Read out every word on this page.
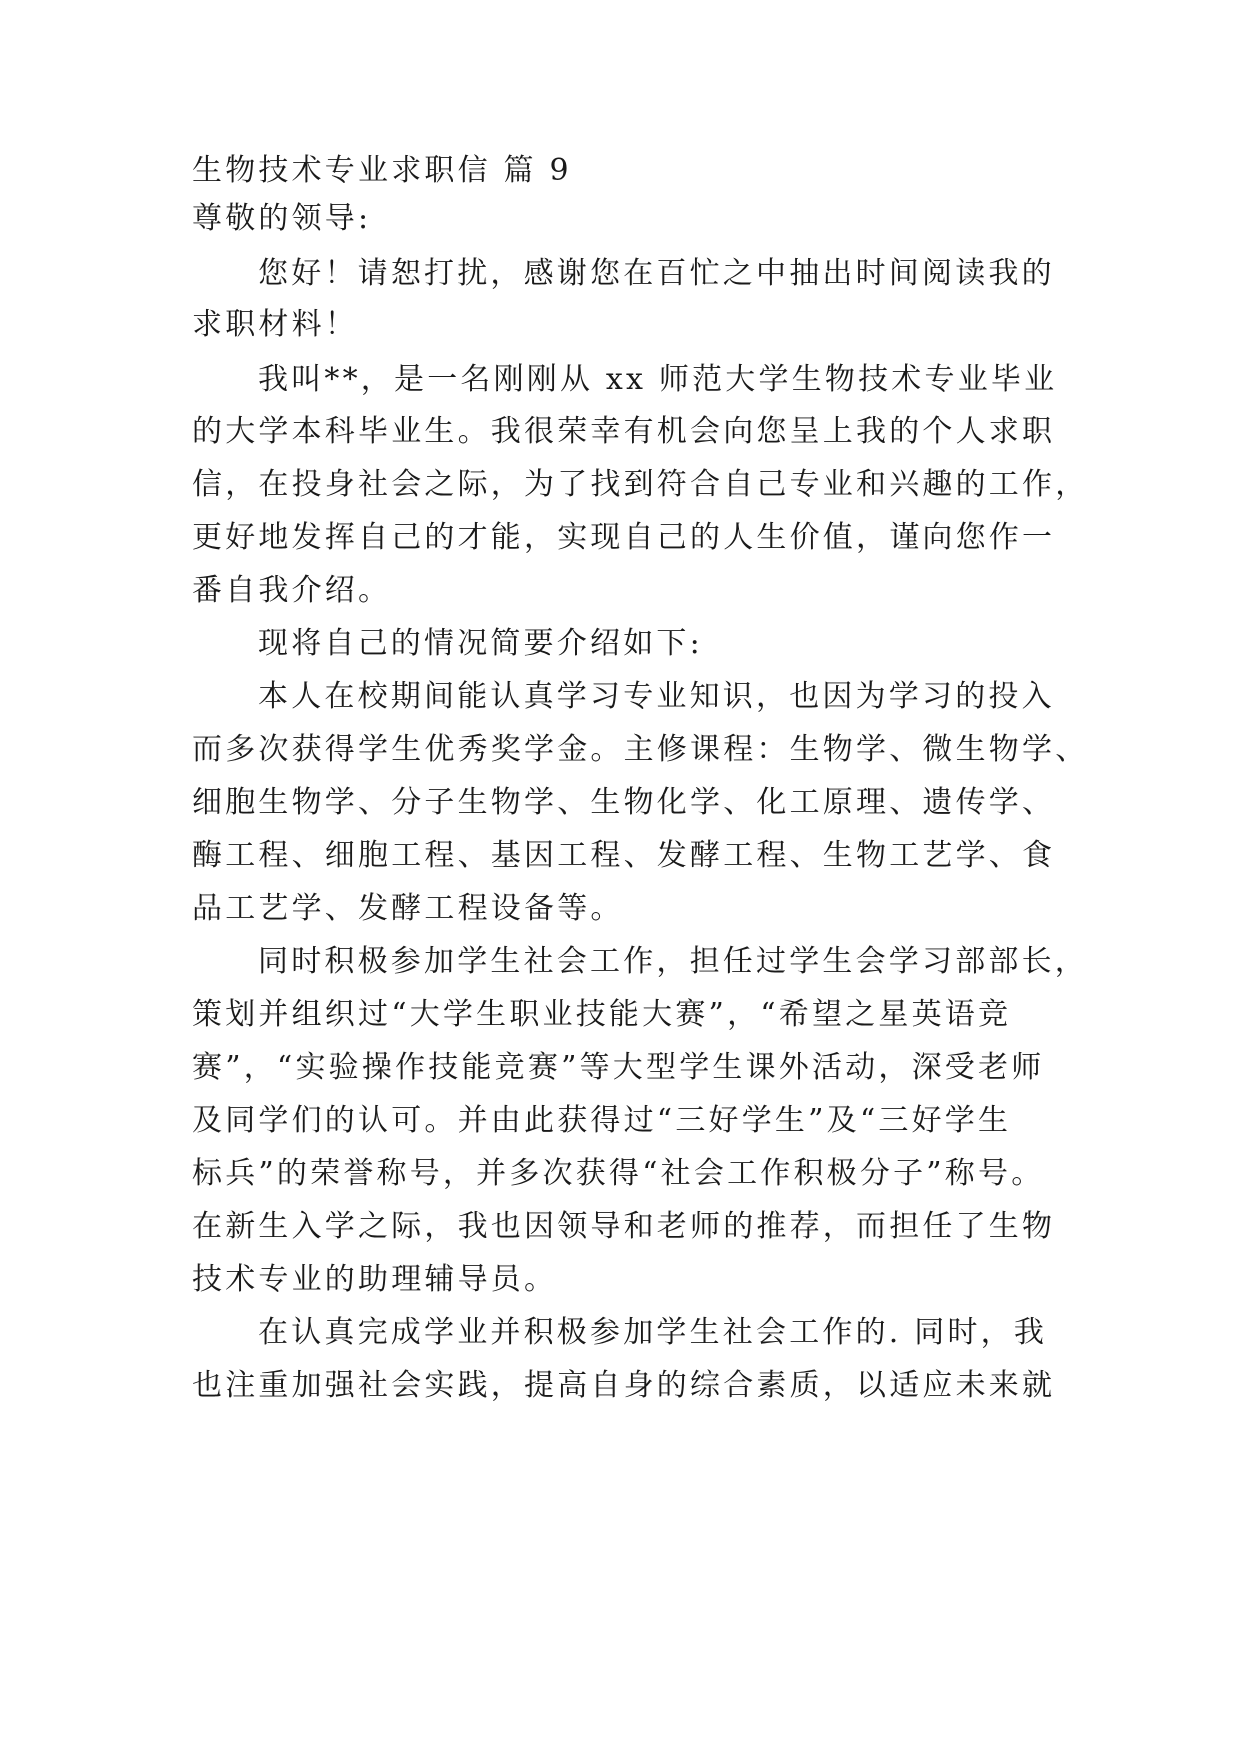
生物技术专业求职信 篇 9

尊敬的领导:

您好！请恕打扰，感谢您在百忙之中抽出时间阅读我的

求职材料！

我叫**，是一名刚刚从 xx 师范大学生物技术专业毕业

的大学本科毕业生。我很荣幸有机会向您呈上我的个人求职

信，在投身社会之际，为了找到符合自己专业和兴趣的工作，

更好地发挥自己的才能，实现自己的人生价值，谨向您作一

番自我介绍。

现将自己的情况简要介绍如下:

本人在校期间能认真学习专业知识，也因为学习的投入

而多次获得学生优秀奖学金。主修课程：生物学、微生物学、

细胞生物学、分子生物学、生物化学、化工原理、遗传学、

酶工程、细胞工程、基因工程、发酵工程、生物工艺学、食

品工艺学、发酵工程设备等。

同时积极参加学生社会工作，担任过学生会学习部部长，

策划并组织过“大学生职业技能大赛”，“希望之星英语竞

赛”，“实验操作技能竞赛”等大型学生课外活动，深受老师

及同学们的认可。并由此获得过“三好学生”及“三好学生

标兵”的荣誉称号，并多次获得“社会工作积极分子”称号。

在新生入学之际，我也因领导和老师的推荐，而担任了生物

技术专业的助理辅导员。

在认真完成学业并积极参加学生社会工作的. 同时，我

也注重加强社会实践，提高自身的综合素质，以适应未来就
